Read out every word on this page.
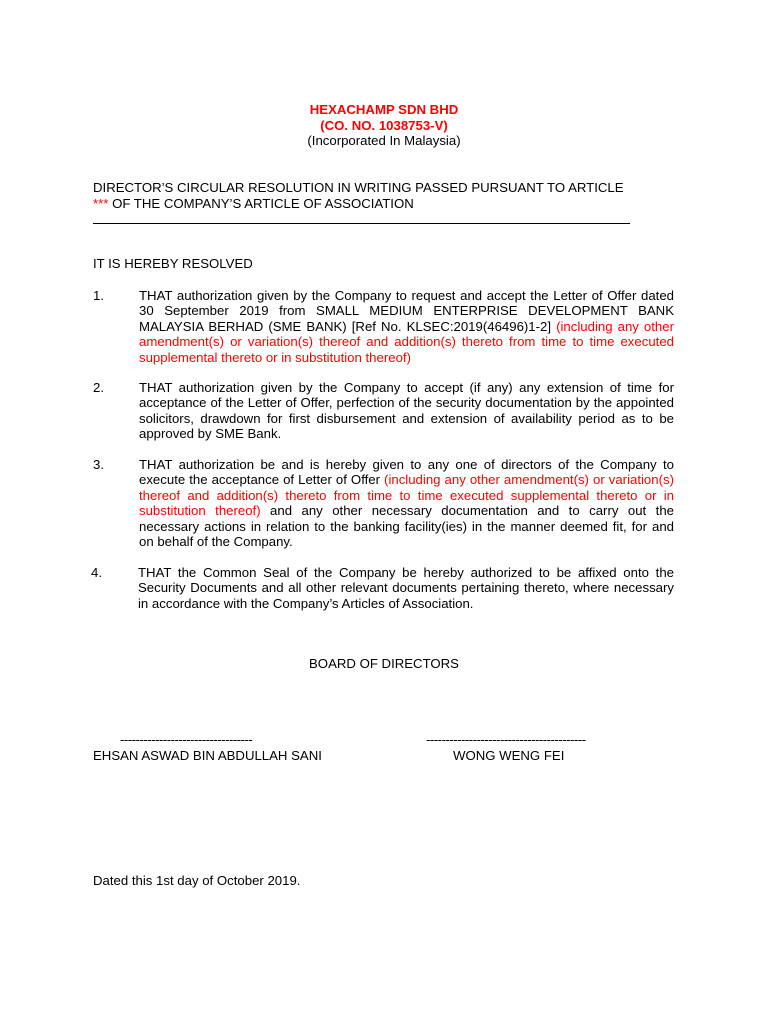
HEXACHAMP SDN BHD
(CO. NO. 1038753-V)
(Incorporated In Malaysia)
DIRECTOR’S CIRCULAR RESOLUTION IN WRITING PASSED PURSUANT TO ARTICLE
*** OF THE COMPANY’S ARTICLE OF ASSOCIATION
IT IS HEREBY RESOLVED
1.	THAT authorization given by the Company to request and accept the Letter of Offer dated 30 September 2019 from SMALL MEDIUM ENTERPRISE DEVELOPMENT BANK MALAYSIA BERHAD (SME BANK) [Ref No. KLSEC:2019(46496)1-2] (including any other amendment(s) or variation(s) thereof and addition(s) thereto from time to time executed supplemental thereto or in substitution thereof)
2.	THAT authorization given by the Company to accept (if any) any extension of time for acceptance of the Letter of Offer, perfection of the security documentation by the appointed solicitors, drawdown for first disbursement and extension of availability period as to be approved by SME Bank.
3.	THAT authorization be and is hereby given to any one of directors of the Company to execute the acceptance of Letter of Offer (including any other amendment(s) or variation(s) thereof and addition(s) thereto from time to time executed supplemental thereto or in substitution thereof) and any other necessary documentation and to carry out the necessary actions in relation to the banking facility(ies) in the manner deemed fit, for and on behalf of the Company.
4.	THAT the Common Seal of the Company be hereby authorized to be affixed onto the Security Documents and all other relevant documents pertaining thereto, where necessary in accordance with the Company’s Articles of Association.
BOARD OF DIRECTORS
----------------------------------	-----------------------------------------
EHSAN ASWAD BIN ABDULLAH SANI	WONG WENG FEI
Dated this 1st day of October 2019.
